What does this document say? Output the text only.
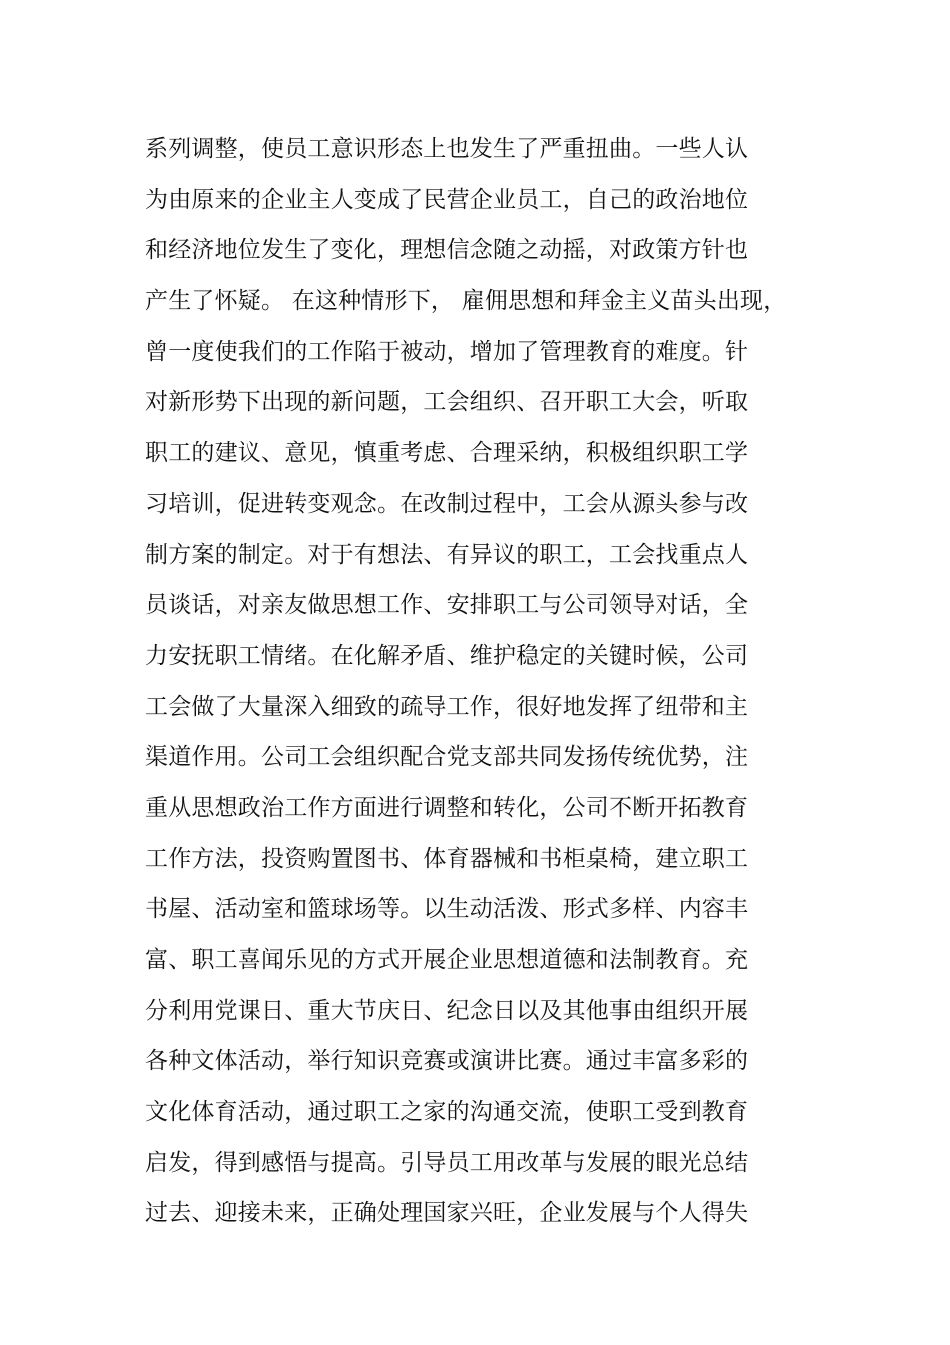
系列调整，使员工意识形态上也发生了严重扭曲。一些人认
为由原来的企业主人变成了民营企业员工，自己的政治地位
和经济地位发生了变化，理想信念随之动摇，对政策方针也
产生了怀疑。 在这种情形下， 雇佣思想和拜金主义苗头出现，
曾一度使我们的工作陷于被动，增加了管理教育的难度。针
对新形势下出现的新问题，工会组织、召开职工大会，听取
职工的建议、意见，慎重考虑、合理采纳，积极组织职工学
习培训，促进转变观念。在改制过程中，工会从源头参与改
制方案的制定。对于有想法、有异议的职工，工会找重点人
员谈话，对亲友做思想工作、安排职工与公司领导对话，全
力安抚职工情绪。在化解矛盾、维护稳定的关键时候，公司
工会做了大量深入细致的疏导工作，很好地发挥了纽带和主
渠道作用。公司工会组织配合党支部共同发扬传统优势，注
重从思想政治工作方面进行调整和转化，公司不断开拓教育
工作方法，投资购置图书、体育器械和书柜桌椅，建立职工
书屋、活动室和篮球场等。以生动活泼、形式多样、内容丰
富、职工喜闻乐见的方式开展企业思想道德和法制教育。充
分利用党课日、重大节庆日、纪念日以及其他事由组织开展
各种文体活动，举行知识竞赛或演讲比赛。通过丰富多彩的
文化体育活动，通过职工之家的沟通交流，使职工受到教育
启发，得到感悟与提高。引导员工用改革与发展的眼光总结
过去、迎接未来，正确处理国家兴旺，企业发展与个人得失
